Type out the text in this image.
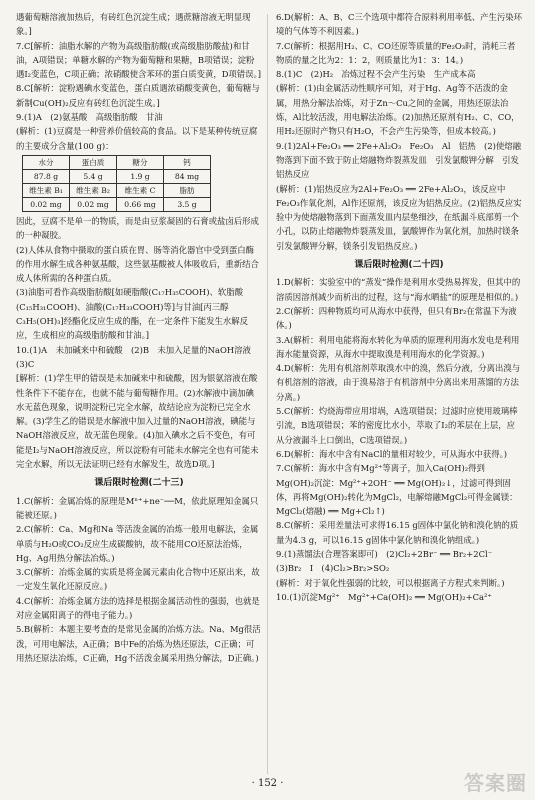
遇葡萄糖溶液加热后，有砖红色沉淀生成；遇蔗糖溶液无明显现象。]

7.C[解析：油脂水解的产物为高级脂肪酸(或高级脂肪酸盐)和甘油，A项错误；单糖水解的产物为葡萄糖和果糖，B项错误；淀粉遇I₂变蓝色，C项正确；浓硝酸使含苯环的蛋白质变黄，D项错误。]

8.C[解析：淀粉遇碘水变蓝色，蛋白质遇浓硝酸变黄色，葡萄糖与新制Cu(OH)₂反应有砖红色沉淀生成。]

9.(1)A　(2)氨基酸　高级脂肪酸　甘油

(解析：(1)豆腐是一种营养价值较高的食品。以下是某种传统豆腐的主要成分含量(100 g)：

水分	蛋白质	糖分	钙
87.8 g	5.4 g	1.9 g	84 mg
维生素 B₁	维生素 B₂	维生素 C	脂肪
0.02 mg	0.02 mg	0.66 mg	3.5 g

因此，豆腐不是单一的物质，而是由豆浆凝固的石膏或盐卤后形成的一种凝胶。

(2)人体从食物中摄取的蛋白质在胃、肠等消化器官中受到蛋白酶的作用水解生成各种氨基酸，这些氨基酸被人体吸收后，重新结合成人体所需的各种蛋白质。

(3)油脂可看作高级脂肪酸[如硬脂酸(C₁₇H₃₅COOH)、软脂酸(C₁₅H₃₁COOH)、油酸(C₁₇H₃₃COOH)等]与甘油[丙三醇C₃H₅(OH)₃]经酯化反应生成的酯，在一定条件下能发生水解反应，生成相应的高级脂肪酸和甘油。]

10.(1)A　未加碱来中和硫酸　(2)B　未加入足量的NaOH溶液　(3)C

[解析：(1)学生甲的错误是未加碱来中和硫酸，因为银氨溶液在酸性条件下不能存在，也就不能与葡萄糖作用。(2)水解液中滴加碘水无蓝色现象，说明淀粉已完全水解，故结论应为淀粉已完全水解。(3)学生乙的错误是水解液中加入过量的NaOH溶液，碘能与NaOH溶液反应，故无蓝色现象。(4)加入碘水之后不变色，有可能是I₂与NaOH溶液反应，所以淀粉有可能未水解完全也有可能未完全水解，所以无法证明已经有水解发生，故选D项。]

课后限时检测(二十三)

1.C(解析：金属冶炼的原理是Mⁿ⁺+ne⁻──M，依此原理知金属只能被还原。)

2.C(解析：Ca、Mg和Na 等活泼金属的冶炼一般用电解法，金属单质与H₂O或CO₂反应生成碳酸钠，故不能用CO还原法治炼，Hg、Ag用热分解法冶炼。)

3.C(解析：冶炼金属的实质是将金属元素由化合物中还原出来，故一定发生氧化还原反应。)

4.C(解析：冶炼金属方法的选择是根据金属活动性的强弱，也就是对应金属阳离子的得电子能力。)

5.B(解析：本题主要考查的是常见金属的冶炼方法。Na、Mg很活泼，可用电解法，A正确；B中Fe的冶炼为热还原法，C正确；可用热还原法冶炼，C正确，Hg不活泼金属采用热分解法，D正确。)

6.D(解析：A、B、C三个选项中都符合原料利用率低、产生污染环境的气体等不利因素。)

7.C(解析：根据用H₂、C、CO还原等质量的Fe₂O₃时，消耗三者物质的量之比为2：1：2，则质量比为1：3：14。)

8.(1)C　(2)H₂　冶炼过程不会产生污染　生产成本高

(解析：(1)由金属活动性顺序可知，对于Hg、Ag等不活泼的金属，用热分解法冶炼，对于Zn～Cu之间的金属，用热还原法冶炼，Al比较活泼，用电解法冶炼。(2)加热还原剂有H₂、C、CO，用H₂还原时产物只有H₂O，不会产生污染等，但成本较高。)

9.(1)2Al+Fe₂O₃ ══ 2Fe+Al₂O₃　Fe₂O₃　Al　铝热　(2)使熔融物落到下面不致于防止熔融物炸裂蒸发皿　引发氯酸钾分解　引发铝热反应

(解析：(1)铝热反应为2Al+Fe₂O₃ ══ 2Fe+Al₂O₃，该反应中Fe₂O₃作氧化剂，Al作还原剂，该反应为铝热反应。(2)铝热反应实验中为使熔融物落到下面蒸发皿内层垫细沙，在纸漏斗底部剪一个小孔，以防止熔融物炸裂蒸发皿，氯酸钾作为氧化剂，加热时镁条引发氯酸钾分解，镁条引发铝热反应。)

课后限时检测(二十四)

1.D(解析：实验室中的“蒸发”操作是利用水受热易挥发，但其中的溶质因溶剂减少而析出的过程，这与“海水晒盐”的原理是相似的。)

2.C(解析：四种物质均可从海水中获得，但只有Br₂在常温下为液体。)

3.A(解析：利用电能将海水转化为单质的原理利用海水发电是利用海水能量资源，从海水中提取溴是利用海水的化学资源。)

4.D(解析：先用有机溶剂萃取溴水中的溴，然后分液，分离出溴与有机溶剂的溶液，由于溴易溶于有机溶剂中分离出来用蒸馏的方法分离。)

5.C(解析：灼烧海带应用坩埚，A选项错误；过滤时应使用玻璃棒引流，B选项错误；苯的密度比水小，萃取了I₂的苯层在上层，应从分液漏斗上口倒出，C选项错误。)

6.D(解析：海水中含有NaCl的量相对较少，可从海水中获得。)

7.C(解析：海水中含有Mg²⁺等离子，加入Ca(OH)₂得到Mg(OH)₂沉淀：Mg²⁺+2OH⁻ ══ Mg(OH)₂↓，过滤可得到固体，再将Mg(OH)₂转化为MgCl₂，电解熔融MgCl₂可得金属镁：MgCl₂(熔融) ══ Mg+Cl₂↑)

8.C(解析：采用差量法可求得16.15 g固体中氯化钠和溴化钠的质量为4.3 g，可以16.15 g固体中氯化钠和溴化钠组成。)

9.(1)蒸馏法(合理答案即可)　(2)Cl₂+2Br⁻ ══ Br₂+2Cl⁻　(3)Br₂　I　(4)Cl₂>Br₂>SO₂

(解析：对于氧化性强弱的比较，可以根据离子方程式来判断。)

10.(1)沉淀Mg²⁺　Mg²⁺+Ca(OH)₂ ══ Mg(OH)₂+Ca²⁺

· 152 ·	答案圈
